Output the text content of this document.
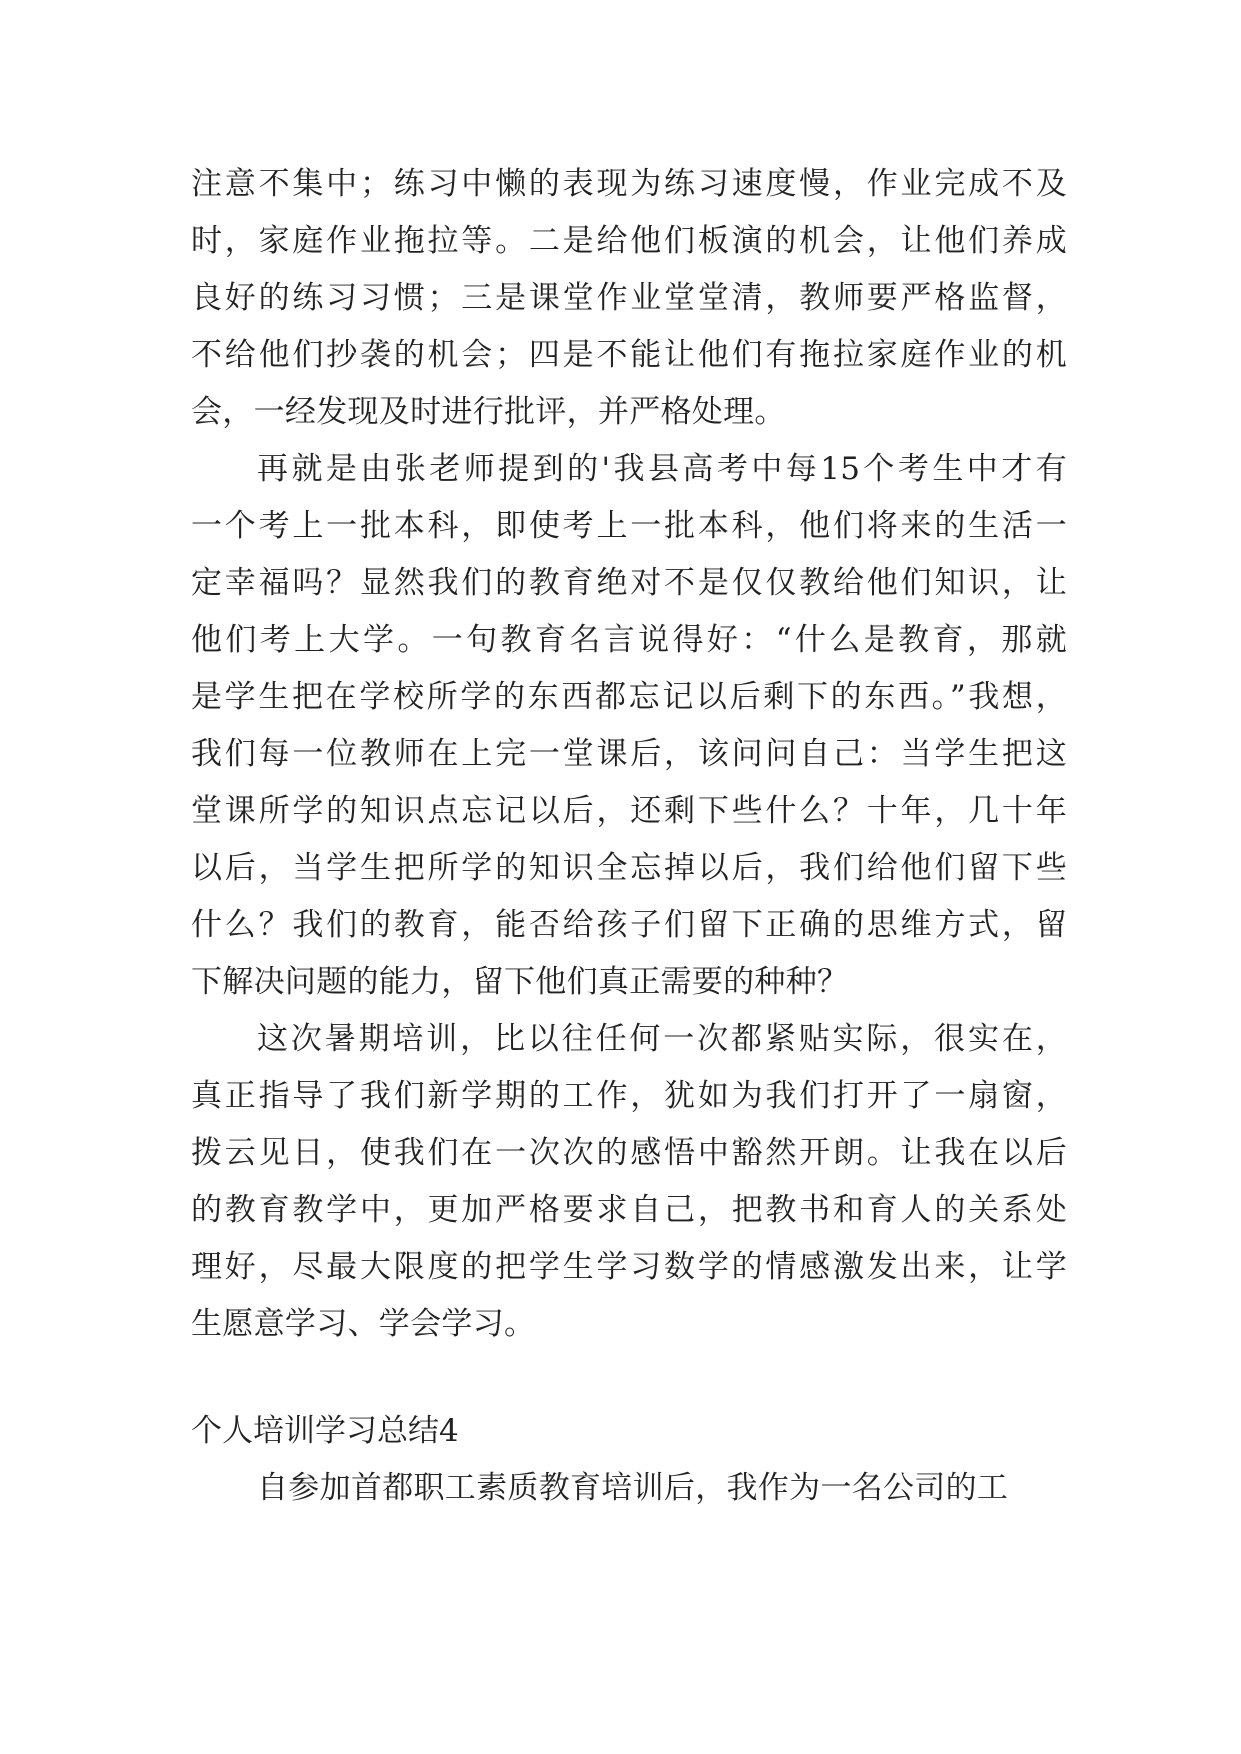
注意不集中；练习中懒的表现为练习速度慢，作业完成不及
时，家庭作业拖拉等。二是给他们板演的机会，让他们养成
良好的练习习惯；三是课堂作业堂堂清，教师要严格监督，
不给他们抄袭的机会；四是不能让他们有拖拉家庭作业的机
会，一经发现及时进行批评，并严格处理。
再就是由张老师提到的'我县高考中每15个考生中才有
一个考上一批本科，即使考上一批本科，他们将来的生活一
定幸福吗？显然我们的教育绝对不是仅仅教给他们知识，让
他们考上大学。一句教育名言说得好：“什么是教育，那就
是学生把在学校所学的东西都忘记以后剩下的东西。”我想，
我们每一位教师在上完一堂课后，该问问自己：当学生把这
堂课所学的知识点忘记以后，还剩下些什么？十年，几十年
以后，当学生把所学的知识全忘掉以后，我们给他们留下些
什么？我们的教育，能否给孩子们留下正确的思维方式，留
下解决问题的能力，留下他们真正需要的种种？
这次暑期培训，比以往任何一次都紧贴实际，很实在，
真正指导了我们新学期的工作，犹如为我们打开了一扇窗，
拨云见日，使我们在一次次的感悟中豁然开朗。让我在以后
的教育教学中，更加严格要求自己，把教书和育人的关系处
理好，尽最大限度的把学生学习数学的情感激发出来，让学
生愿意学习、学会学习。
个人培训学习总结4
自参加首都职工素质教育培训后，我作为一名公司的工
